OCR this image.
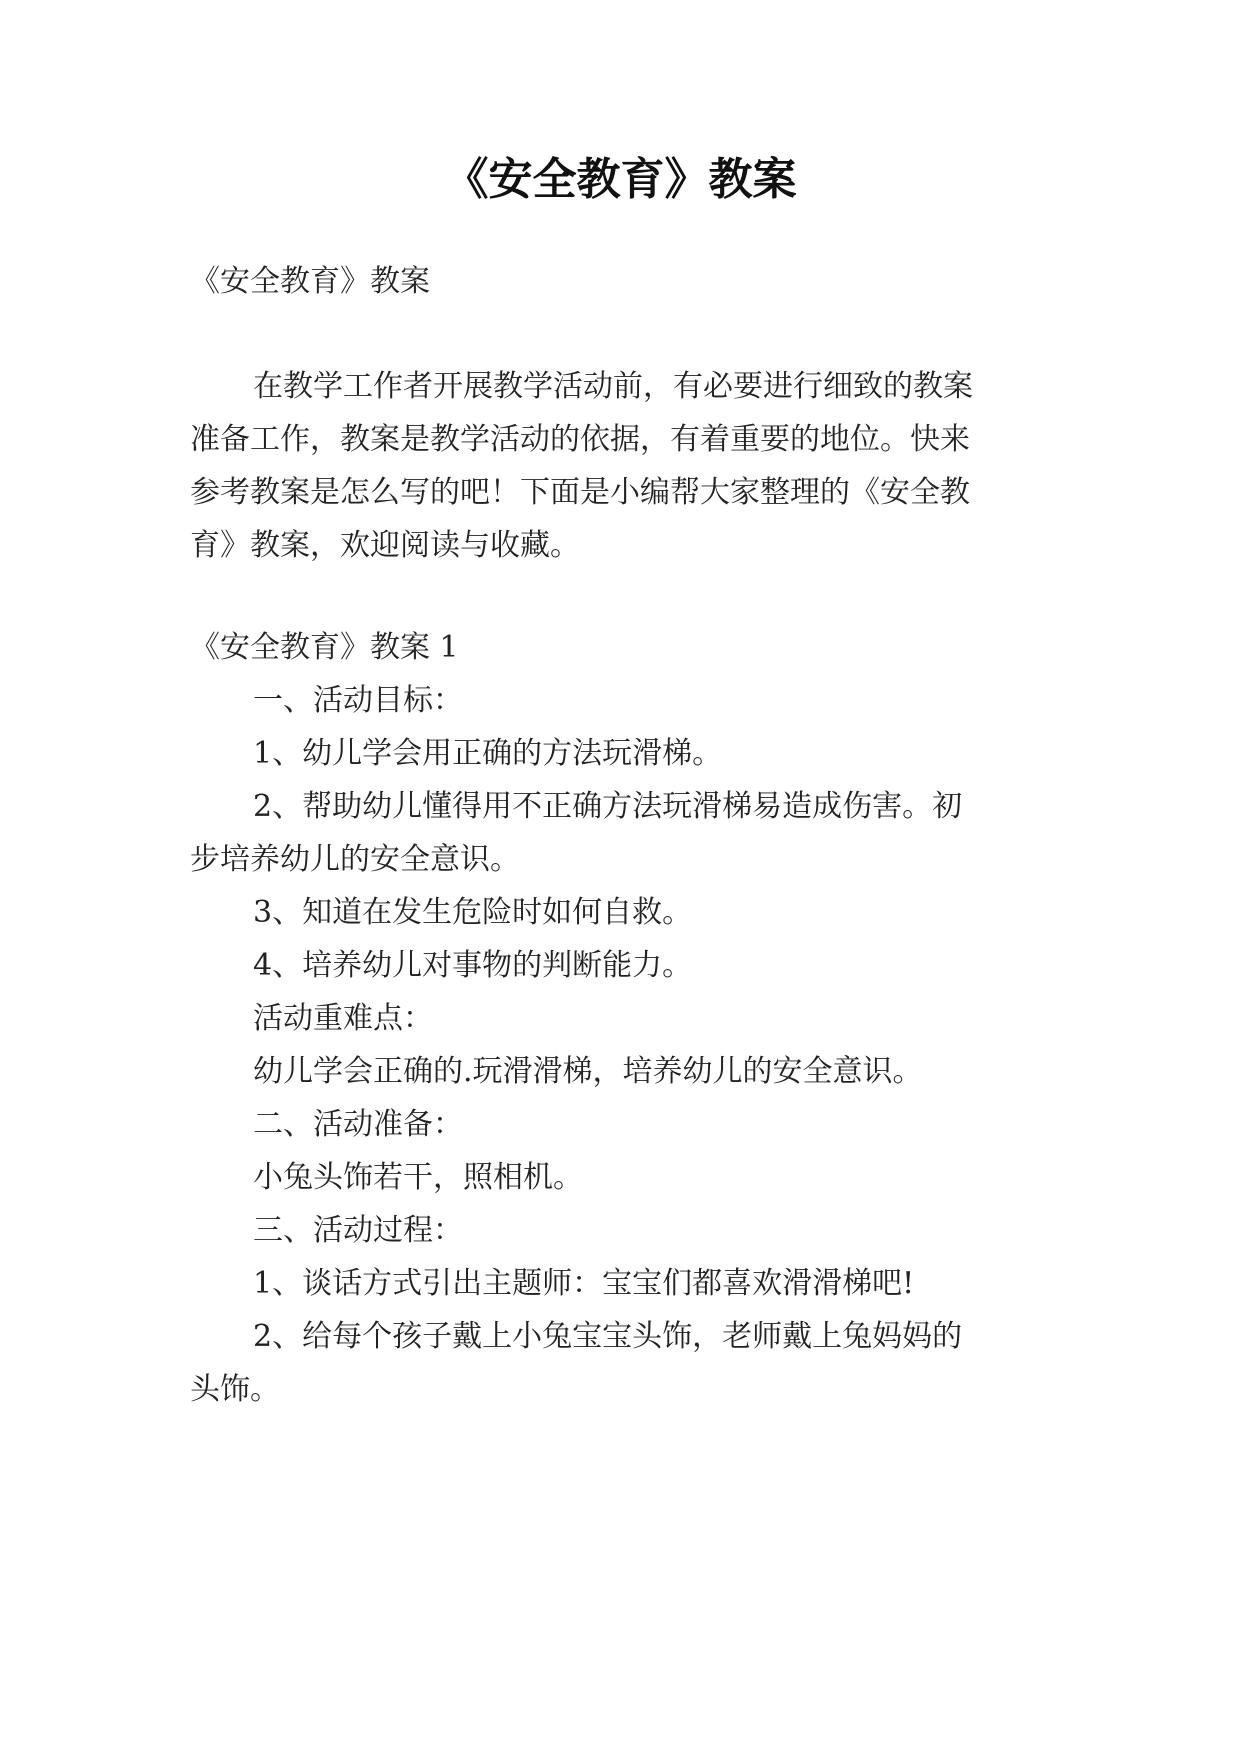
《安全教育》教案

《安全教育》教案

在教学工作者开展教学活动前，有必要进行细致的教案

准备工作，教案是教学活动的依据，有着重要的地位。快来

参考教案是怎么写的吧！下面是小编帮大家整理的《安全教

育》教案，欢迎阅读与收藏。

《安全教育》教案 1

一、活动目标：

1、幼儿学会用正确的方法玩滑梯。

2、帮助幼儿懂得用不正确方法玩滑梯易造成伤害。初

步培养幼儿的安全意识。

3、知道在发生危险时如何自救。

4、培养幼儿对事物的判断能力。

活动重难点：

幼儿学会正确的.玩滑滑梯，培养幼儿的安全意识。

二、活动准备：

小兔头饰若干，照相机。

三、活动过程：

1、谈话方式引出主题师：宝宝们都喜欢滑滑梯吧!

2、给每个孩子戴上小兔宝宝头饰，老师戴上兔妈妈的

头饰。
